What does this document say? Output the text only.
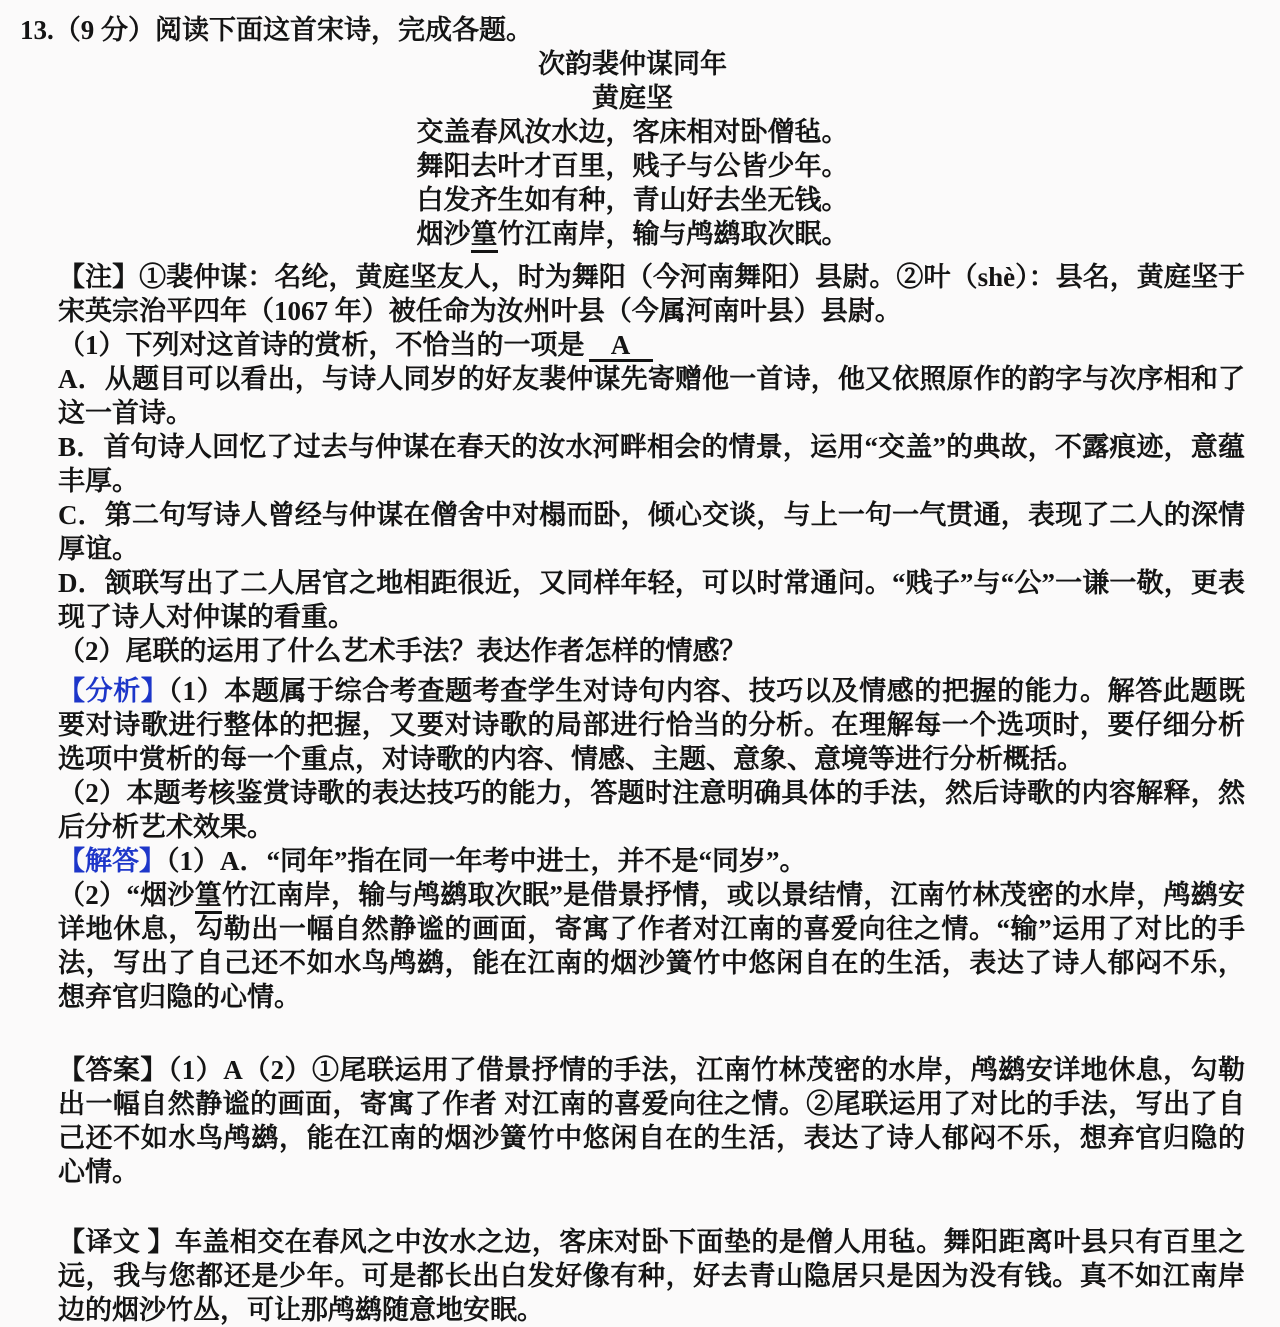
13.（9 分）阅读下面这首宋诗，完成各题。

次韵裴仲谋同年

黄庭坚

交盖春风汝水边，客床相对卧僧毡。

舞阳去叶才百里，贱子与公皆少年。

白发齐生如有种，青山好去坐无钱。

烟沙篁竹江南岸，输与鸬鹚取次眠。

【注】①裴仲谋：名纶，黄庭坚友人，时为舞阳（今河南舞阳）县尉。②叶（shè）：县名，黄庭坚于宋英宗治平四年（1067 年）被任命为汝州叶县（今属河南叶县）县尉。

（1）下列对这首诗的赏析，不恰当的一项是 A

A．从题目可以看出，与诗人同岁的好友裴仲谋先寄赠他一首诗，他又依照原作的韵字与次序相和了这一首诗。

B．首句诗人回忆了过去与仲谋在春天的汝水河畔相会的情景，运用“交盖”的典故，不露痕迹，意蕴丰厚。

C．第二句写诗人曾经与仲谋在僧舍中对榻而卧，倾心交谈，与上一句一气贯通，表现了二人的深情厚谊。

D．颔联写出了二人居官之地相距很近，又同样年轻，可以时常通问。“贱子”与“公”一谦一敬，更表现了诗人对仲谋的看重。

（2）尾联的运用了什么艺术手法？表达作者怎样的情感？

【分析】（1）本题属于综合考查题考查学生对诗句内容、技巧以及情感的把握的能力。解答此题既要对诗歌进行整体的把握，又要对诗歌的局部进行恰当的分析。在理解每一个选项时，要仔细分析选项中赏析的每一个重点，对诗歌的内容、情感、主题、意象、意境等进行分析概括。

（2）本题考核鉴赏诗歌的表达技巧的能力，答题时注意明确具体的手法，然后诗歌的内容解释，然后分析艺术效果。

【解答】（1）A．“同年”指在同一年考中进士，并不是“同岁”。

（2）“烟沙篁竹江南岸，输与鸬鹚取次眠”是借景抒情，或以景结情，江南竹林茂密的水岸，鸬鹚安详地休息，勾勒出一幅自然静谧的画面，寄寓了作者对江南的喜爱向往之情。“输”运用了对比的手法，写出了自己还不如水鸟鸬鹚，能在江南的烟沙簧竹中悠闲自在的生活，表达了诗人郁闷不乐，想弃官归隐的心情。

【答案】（1）A（2）①尾联运用了借景抒情的手法，江南竹林茂密的水岸，鸬鹚安详地休息，勾勒出一幅自然静谧的画面，寄寓了作者 对江南的喜爱向往之情。②尾联运用了对比的手法，写出了自己还不如水鸟鸬鹚，能在江南的烟沙簧竹中悠闲自在的生活，表达了诗人郁闷不乐，想弃官归隐的心情。

【译文 】车盖相交在春风之中汝水之边，客床对卧下面垫的是僧人用毡。舞阳距离叶县只有百里之远，我与您都还是少年。可是都长出白发好像有种，好去青山隐居只是因为没有钱。真不如江南岸边的烟沙竹丛，可让那鸬鹚随意地安眠。
